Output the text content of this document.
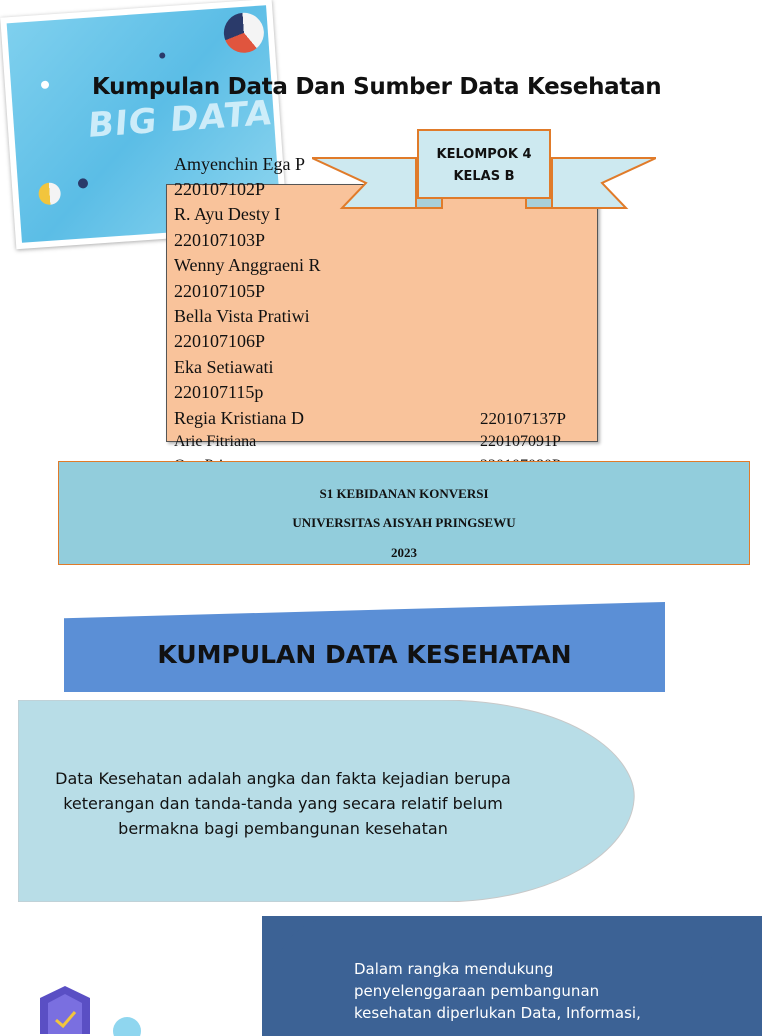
BIG DATA
Kumpulan Data Dan Sumber Data Kesehatan
Amyenchin Ega P
220107102P
R. Ayu Desty I
220107103P
Wenny Anggraeni R
220107105P
Bella Vista Pratiwi
220107106P
Eka Setiawati
220107115p
Regia Kristiana D	220107137P
Arie Fitriana	220107091P
KELOMPOK 4
KELAS B
S1 KEBIDANAN KONVERSI
UNIVERSITAS AISYAH PRINGSEWU
2023
KUMPULAN DATA KESEHATAN
Data Kesehatan adalah angka dan fakta kejadian berupa
keterangan dan tanda-tanda yang secara relatif belum
bermakna bagi pembangunan kesehatan
Dalam rangka mendukung
penyelenggaraan pembangunan
kesehatan diperlukan Data, Informasi,
